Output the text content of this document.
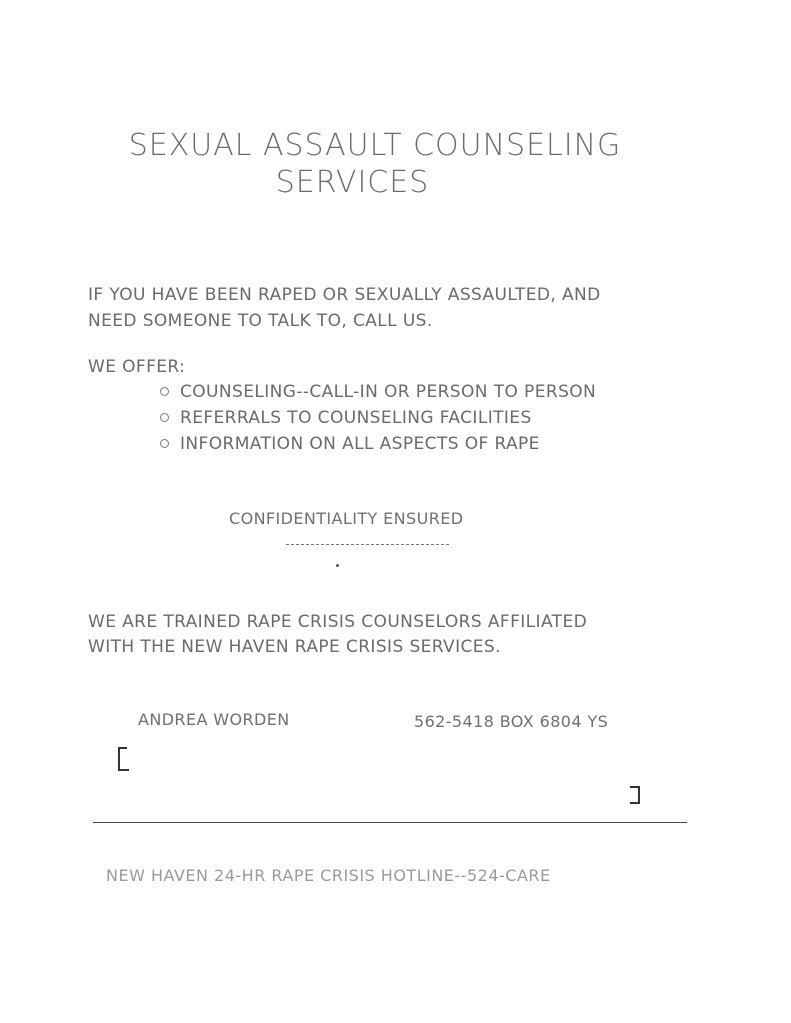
SEXUAL ASSAULT COUNSELING
SERVICES
IF YOU HAVE BEEN RAPED OR SEXUALLY ASSAULTED, AND
NEED SOMEONE TO TALK TO, CALL US.
WE OFFER:
COUNSELING--CALL-IN OR PERSON TO PERSON
REFERRALS TO COUNSELING FACILITIES
INFORMATION ON ALL ASPECTS OF RAPE
CONFIDENTIALITY ENSURED
WE ARE TRAINED RAPE CRISIS COUNSELORS AFFILIATED
WITH THE NEW HAVEN RAPE CRISIS SERVICES.
ANDREA WORDEN	562-5418 BOX 6804 YS
NEW HAVEN 24-HR RAPE CRISIS HOTLINE--524-CARE
